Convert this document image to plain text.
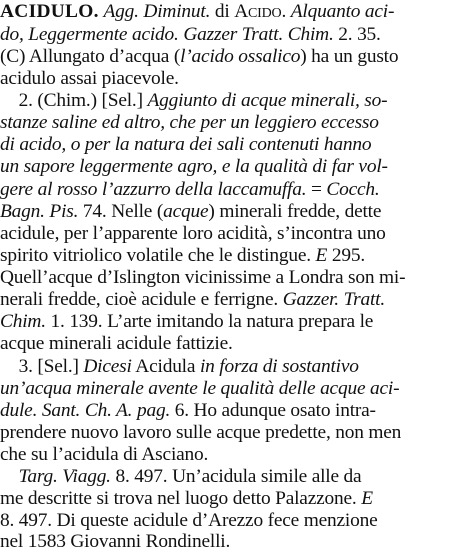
ACIDULO. Agg. Diminut. di Acido. Alquanto aci-
do, Leggermente acido. Gazzer Tratt. Chim. 2. 35.
(C) Allungato d’acqua (l’acido ossalico) ha un gusto
acidulo assai piacevole.
2. (Chim.) [Sel.] Aggiunto di acque minerali, so-
stanze saline ed altro, che per un leggiero eccesso
di acido, o per la natura dei sali contenuti hanno
un sapore leggermente agro, e la qualità di far vol-
gere al rosso l’azzurro della laccamuffa. = Cocch.
Bagn. Pis. 74. Nelle (acque) minerali fredde, dette
acidule, per l’apparente loro acidità, s’incontra uno
spirito vitriolico volatile che le distingue. E 295.
Quell’acque d’Islington vicinissime a Londra son mi-
nerali fredde, cioè acidule e ferrigne. Gazzer. Tratt.
Chim. 1. 139. L’arte imitando la natura prepara le
acque minerali acidule fattizie.
3. [Sel.] Dicesi Acidula in forza di sostantivo
un’acqua minerale avente le qualità delle acque aci-
dule. Sant. Ch. A. pag. 6. Ho adunque osato intra-
prendere nuovo lavoro sulle acque predette, non men
che su l’acidula di Asciano.
Targ. Viagg. 8. 497. Un’acidula simile alle da
me descritte si trova nel luogo detto Palazzone. E
8. 497. Di queste acidule d’Arezzo fece menzione
nel 1583 Giovanni Rondinelli.
